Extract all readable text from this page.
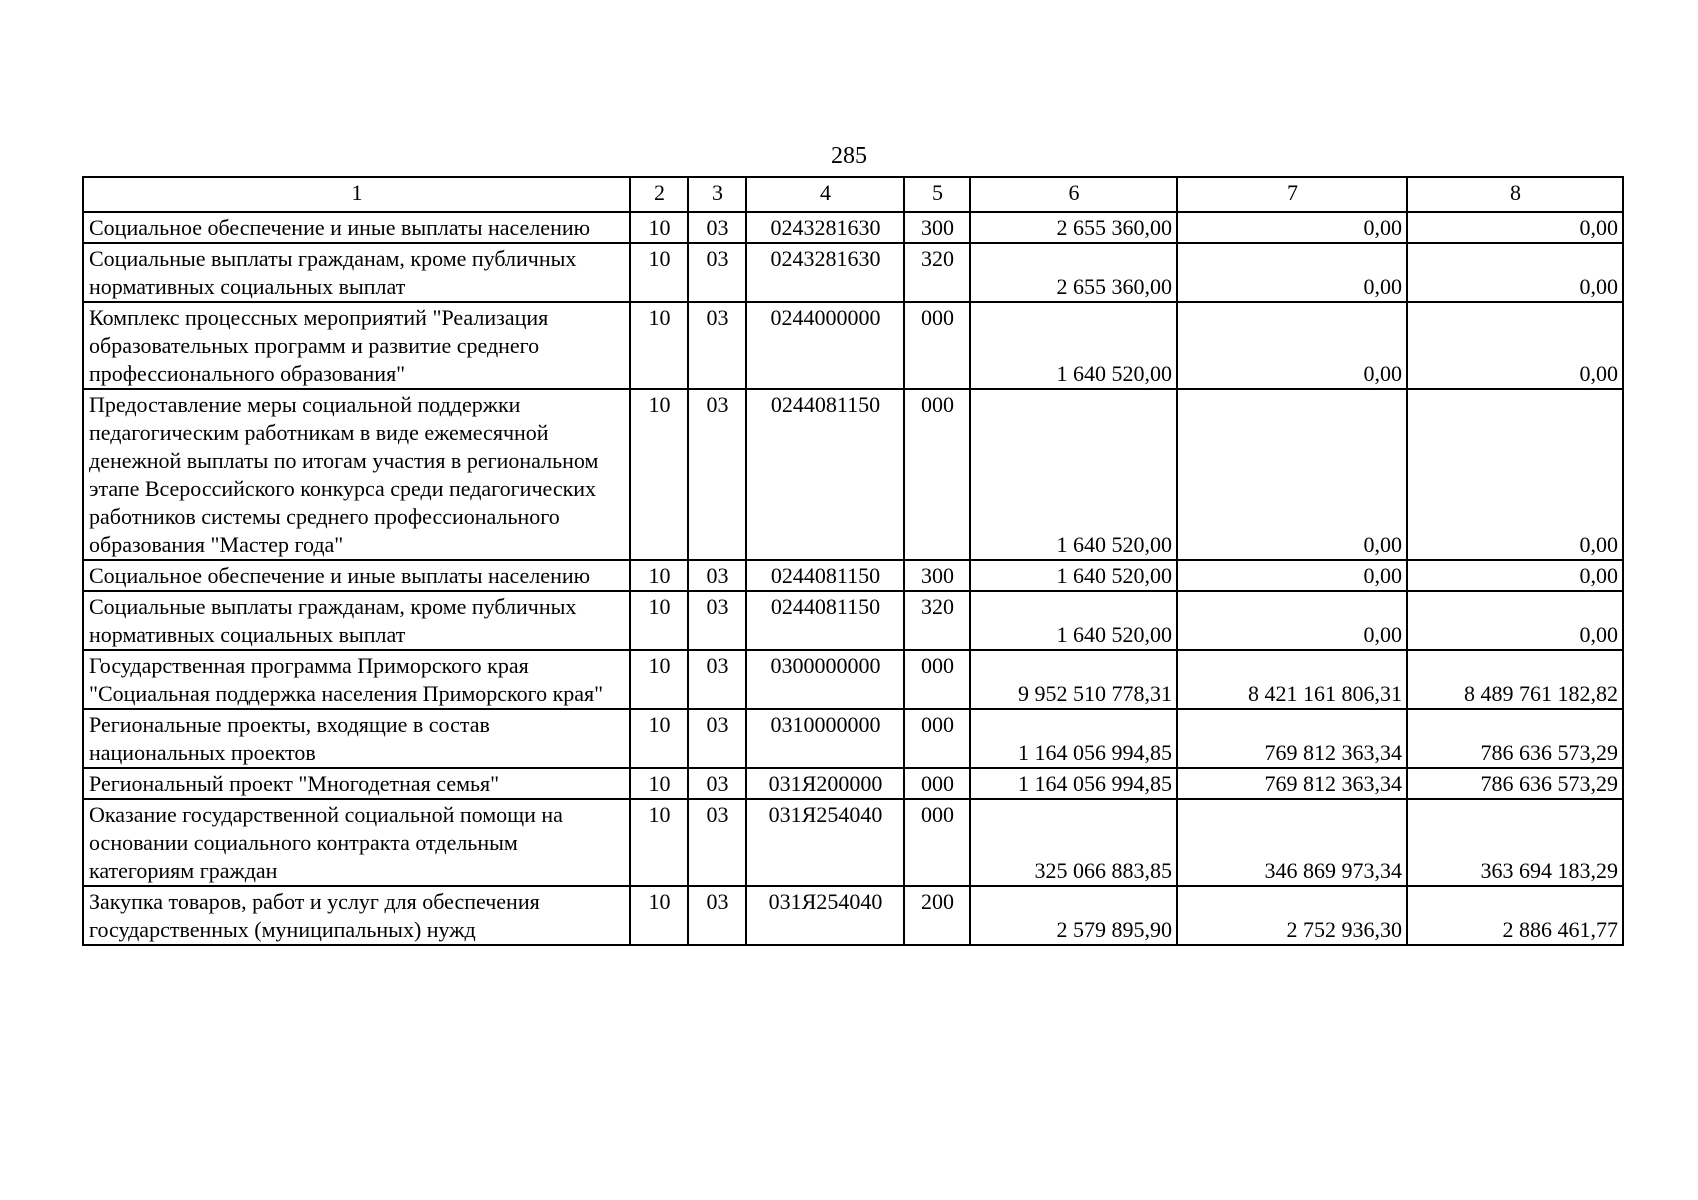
285
1	2	3	4	5	6	7	8
Социальное обеспечение и иные выплаты населению	10	03	0243281630	300	2 655 360,00	0,00	0,00
Социальные выплаты гражданам, кроме публичных нормативных социальных выплат	10	03	0243281630	320	2 655 360,00	0,00	0,00
Комплекс процессных мероприятий "Реализация образовательных программ и развитие среднего профессионального образования"	10	03	0244000000	000	1 640 520,00	0,00	0,00
Предоставление меры социальной поддержки педагогическим работникам в виде ежемесячной денежной выплаты по итогам участия в региональном этапе Всероссийского конкурса среди педагогических работников системы среднего профессионального образования "Мастер года"	10	03	0244081150	000	1 640 520,00	0,00	0,00
Социальное обеспечение и иные выплаты населению	10	03	0244081150	300	1 640 520,00	0,00	0,00
Социальные выплаты гражданам, кроме публичных нормативных социальных выплат	10	03	0244081150	320	1 640 520,00	0,00	0,00
Государственная программа Приморского края "Социальная поддержка населения Приморского края"	10	03	0300000000	000	9 952 510 778,31	8 421 161 806,31	8 489 761 182,82
Региональные проекты, входящие в состав национальных проектов	10	03	0310000000	000	1 164 056 994,85	769 812 363,34	786 636 573,29
Региональный проект "Многодетная семья"	10	03	031Я200000	000	1 164 056 994,85	769 812 363,34	786 636 573,29
Оказание государственной социальной помощи на основании социального контракта отдельным категориям граждан	10	03	031Я254040	000	325 066 883,85	346 869 973,34	363 694 183,29
Закупка товаров, работ и услуг для обеспечения государственных (муниципальных) нужд	10	03	031Я254040	200	2 579 895,90	2 752 936,30	2 886 461,77
